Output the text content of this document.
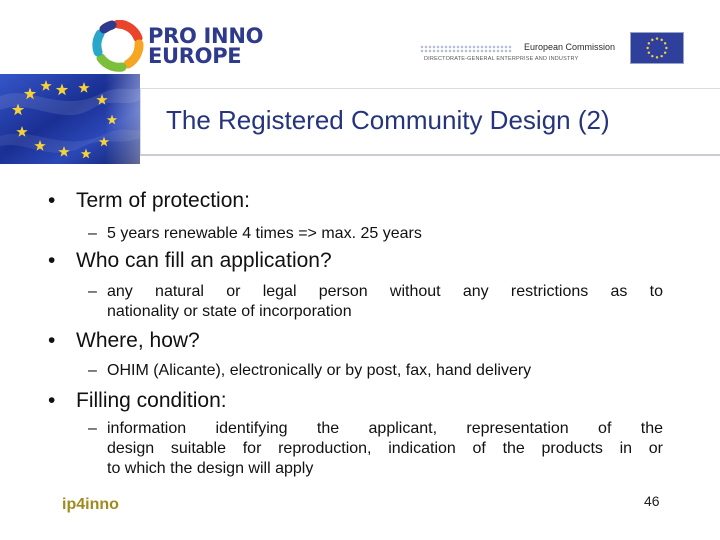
PRO INNO
EUROPE	European Commission
DIRECTORATE-GENERAL ENTERPRISE AND INDUSTRY
The Registered Community Design (2)
• Term of protection:
– 5 years renewable 4 times => max. 25 years
• Who can fill an application?
– any natural or legal person without any restrictions as to
nationality or state of incorporation
• Where, how?
– OHIM (Alicante), electronically or by post, fax, hand delivery
• Filling condition:
– information identifying the applicant, representation of the
design suitable for reproduction, indication of the products in or
to which the design will apply
ip4inno	46
